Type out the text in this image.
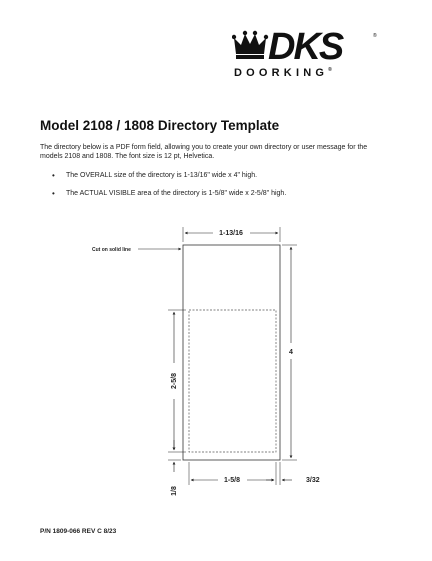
DKS	®
DOORKING®
Model 2108 / 1808 Directory Template
The directory below is a PDF form field, allowing you to create your own directory or user message for the models 2108 and 1808. The font size is 12 pt, Helvetica.
• The OVERALL size of the directory is 1-13/16" wide x 4" high.
• The ACTUAL VISIBLE area of the directory is 1-5/8" wide x 2-5/8" high.
Cut on solid line
1-13/16
4
2-5/8
1/8
1-5/8	3/32
P/N 1809-066 REV C 8/23
